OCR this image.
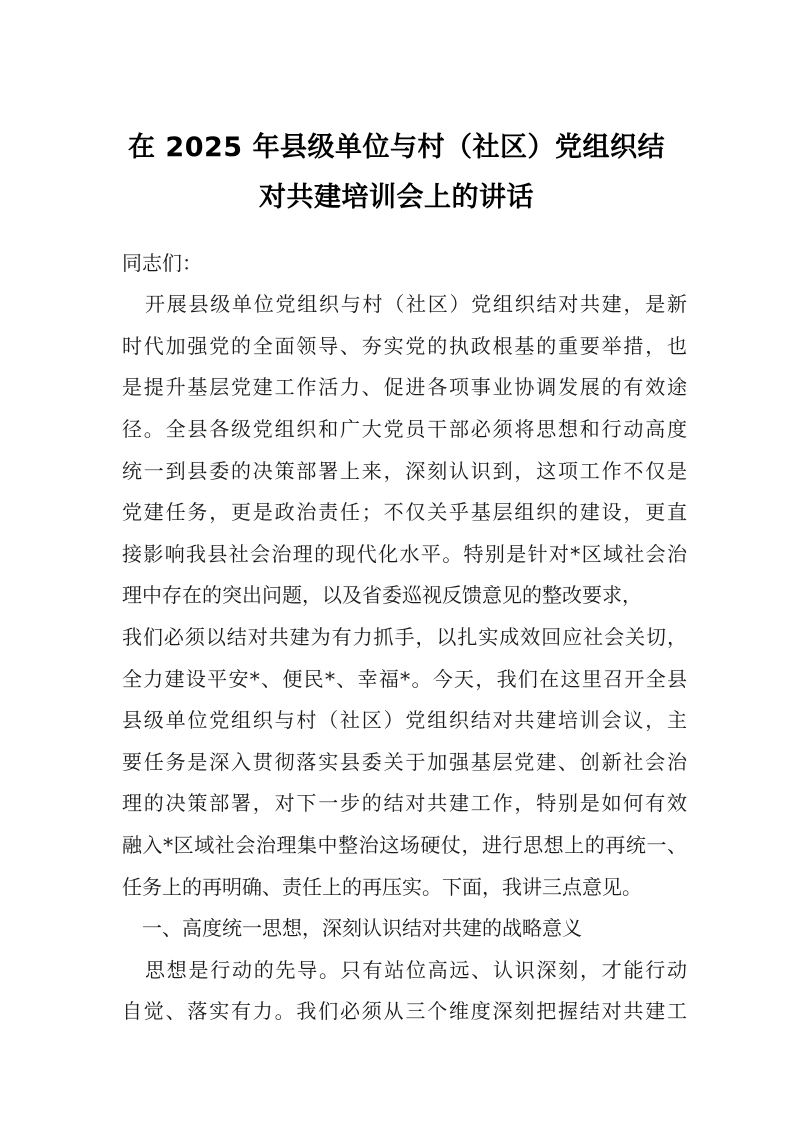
在 2025 年县级单位与村（社区）党组织结
对共建培训会上的讲话
同志们：
开展县级单位党组织与村（社区）党组织结对共建，是新
时代加强党的全面领导、夯实党的执政根基的重要举措，也
是提升基层党建工作活力、促进各项事业协调发展的有效途
径。全县各级党组织和广大党员干部必须将思想和行动高度
统一到县委的决策部署上来，深刻认识到，这项工作不仅是
党建任务，更是政治责任；不仅关乎基层组织的建设，更直
接影响我县社会治理的现代化水平。特别是针对*区域社会治
理中存在的突出问题，以及省委巡视反馈意见的整改要求，
我们必须以结对共建为有力抓手，以扎实成效回应社会关切，
全力建设平安*、便民*、幸福*。今天，我们在这里召开全县
县级单位党组织与村（社区）党组织结对共建培训会议，主
要任务是深入贯彻落实县委关于加强基层党建、创新社会治
理的决策部署，对下一步的结对共建工作，特别是如何有效
融入*区域社会治理集中整治这场硬仗，进行思想上的再统一、
任务上的再明确、责任上的再压实。下面，我讲三点意见。
一、高度统一思想，深刻认识结对共建的战略意义
思想是行动的先导。只有站位高远、认识深刻，才能行动
自觉、落实有力。我们必须从三个维度深刻把握结对共建工
